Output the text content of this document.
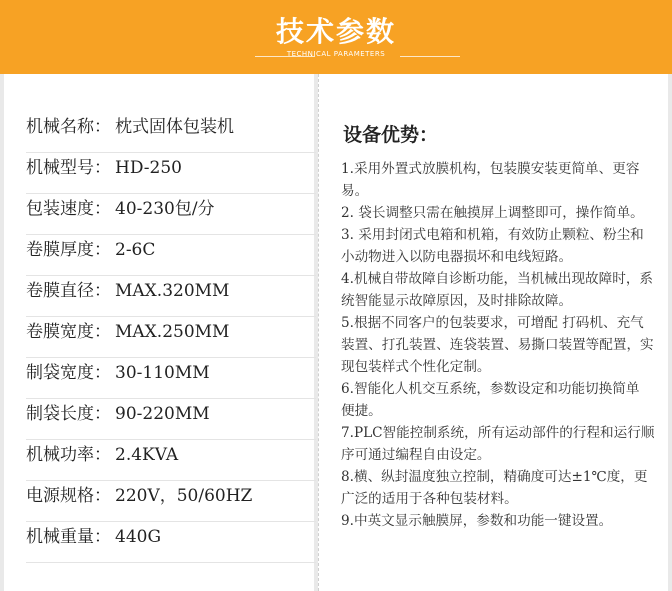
技术参数
TECHNICAL PARAMETERS
机械名称： 枕式固体包装机
机械型号： HD-250
包装速度： 40-230包/分
卷膜厚度： 2-6C
卷膜直径： MAX.320MM
卷膜宽度： MAX.250MM
制袋宽度： 30-110MM
制袋长度： 90-220MM
机械功率： 2.4KVA
电源规格： 220V，50/60HZ
机械重量： 440G
设备优势：

1.采用外置式放膜机构，包装膜安装更简单、更容易。

2. 袋长调整只需在触摸屏上调整即可，操作简单。

3. 采用封闭式电箱和机箱，有效防止颗粒、粉尘和小动物进入以防电器损坏和电线短路。

4.机械自带故障自诊断功能，当机械出现故障时，系统智能显示故障原因，及时排除故障。

5.根据不同客户的包装要求，可增配 打码机、充气装置、打孔装置、连袋装置、易撕口装置等配置，实现包装样式个性化定制。

6.智能化人机交互系统，参数设定和功能切换简单 便捷。

7.PLC智能控制系统，所有运动部件的行程和运行顺序可通过编程自由设定。

8.横、纵封温度独立控制，精确度可达±1℃度，更广泛的适用于各种包装材料。

9.中英文显示触膜屏，参数和功能一键设置。
